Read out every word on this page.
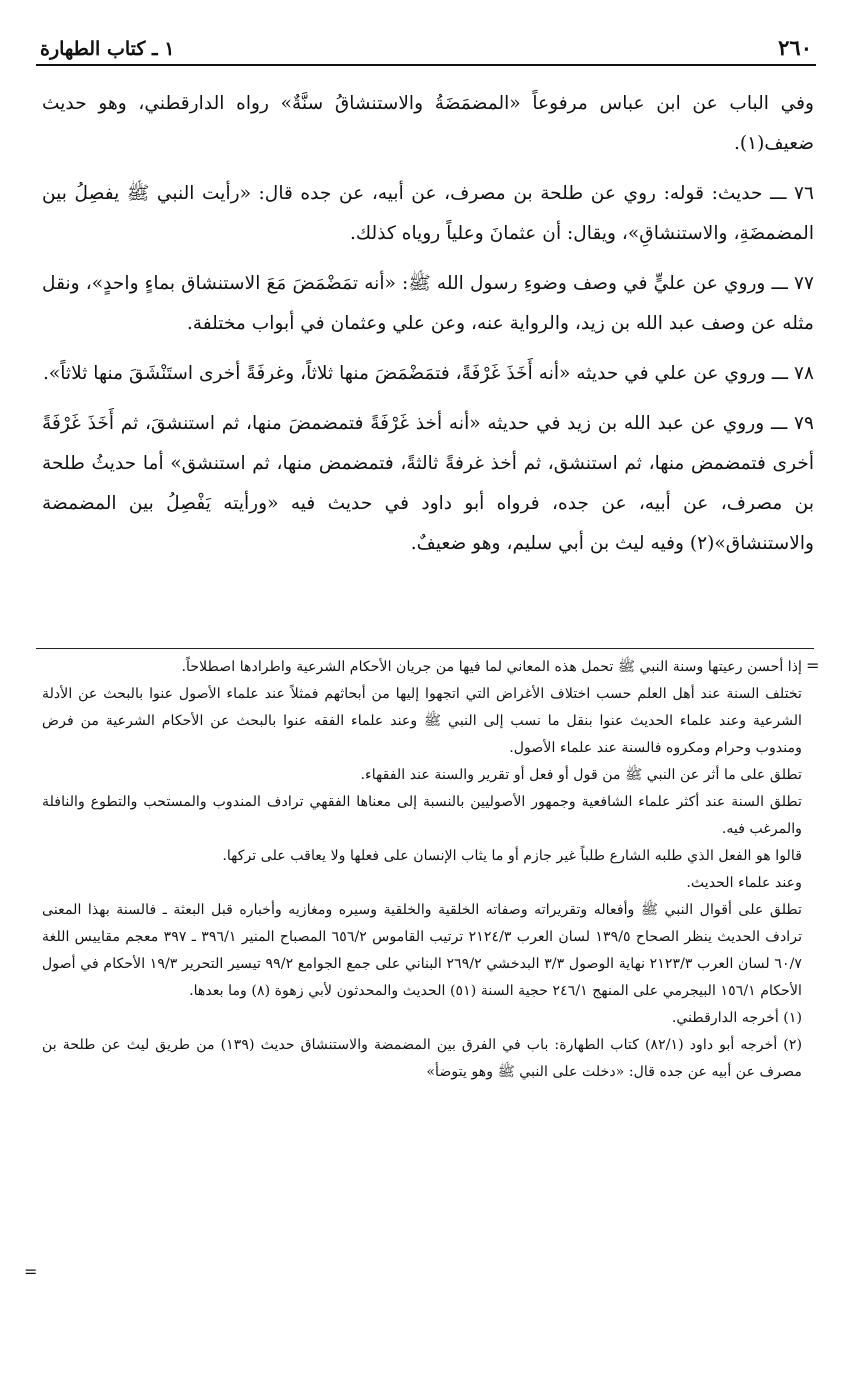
١ ـ كتاب الطهارة	٢٦٠

وفي الباب عن ابن عباس مرفوعاً «المضمَضَةُ والاستنشاقُ سنَّةٌ» رواه الدارقطني، وهو حديث ضعيف(١).

٧٦ ـــ حديث: قوله: روي عن طلحة بن مصرف، عن أبيه، عن جده قال: «رأيت النبي ﷺ يفصِلُ بين المضمضَةِ، والاستنشاقِ»، ويقال: أن عثمانَ وعلياً روياه كذلك.

٧٧ ـــ وروي عن عليٍّ في وصف وضوءِ رسول الله ﷺ: «أنه تمَضْمَضَ مَعَ الاستنشاق بماءٍ واحدٍ»، ونقل مثله عن وصف عبد الله بن زيد، والرواية عنه، وعن علي وعثمان في أبواب مختلفة.

٧٨ ـــ وروي عن علي في حديثه «أنه أَخَذَ غَرْفَةً، فتمَضْمَضَ منها ثلاثاً، وغرفَةً أخرى استَنْشَقَ منها ثلاثاً».

٧٩ ـــ وروي عن عبد الله بن زيد في حديثه «أنه أخذ غَرْفَةً فتمضمضَ منها، ثم استنشقَ، ثم أَخَذَ غَرْفَةً أخرى فتمضمض منها، ثم استنشق، ثم أخذ غرفةً ثالثةً، فتمضمض منها، ثم استنشق» أما حديثُ طلحة بن مصرف، عن أبيه، عن جده، فرواه أبو داود في حديث فيه «ورأيته يَفْصِلُ بين المضمضة والاستنشاق»(٢) وفيه ليث بن أبي سليم، وهو ضعيفٌ.

=

إذا أحسن رعيتها وسنة النبي ﷺ تحمل هذه المعاني لما فيها من جريان الأحكام الشرعية واطرادها اصطلاحاً.

تختلف السنة عند أهل العلم حسب اختلاف الأغراض التي اتجهوا إليها من أبحاثهم فمثلاً عند علماء الأصول عنوا بالبحث عن الأدلة الشرعية وعند علماء الحديث عنوا بنقل ما نسب إلى النبي ﷺ وعند علماء الفقه عنوا بالبحث عن الأحكام الشرعية من فرض ومندوب وحرام ومكروه فالسنة عند علماء الأصول.

تطلق على ما أثر عن النبي ﷺ من قول أو فعل أو تقرير والسنة عند الفقهاء.

تطلق السنة عند أكثر علماء الشافعية وجمهور الأصوليين بالنسبة إلى معناها الفقهي ترادف المندوب والمستحب والتطوع والنافلة والمرغب فيه.

قالوا هو الفعل الذي طلبه الشارع طلباً غير جازم أو ما يثاب الإنسان على فعلها ولا يعاقب على تركها.

وعند علماء الحديث.

تطلق على أقوال النبي ﷺ وأفعاله وتقريراته وصفاته الخلقية والخلقية وسيره ومغازيه وأخباره قبل البعثة ـ فالسنة بهذا المعنى ترادف الحديث ينظر الصحاح ١٣٩/٥ لسان العرب ٢١٢٤/٣ ترتيب القاموس ٦٥٦/٢ المصباح المنير ٣٩٦/١ ـ ٣٩٧ معجم مقاييس اللغة ٦٠/٧ لسان العرب ٢١٢٣/٣ نهاية الوصول ٣/٣ البدخشي ٢٦٩/٢ البناني على جمع الجوامع ٩٩/٢ تيسير التحرير ١٩/٣ الأحكام في أصول الأحكام ١٥٦/١ البيجرمي على المنهج ٢٤٦/١ حجية السنة (٥١) الحديث والمحدثون لأبي زهوة (٨) وما بعدها.

(١) أخرجه الدارقطني.

(٢) أخرجه أبو داود (٨٢/١) كتاب الطهارة: باب في الفرق بين المضمضة والاستنشاق حديث (١٣٩) من طريق ليث عن طلحة بن مصرف عن أبيه عن جده قال: «دخلت على النبي ﷺ وهو يتوضأ»

=
